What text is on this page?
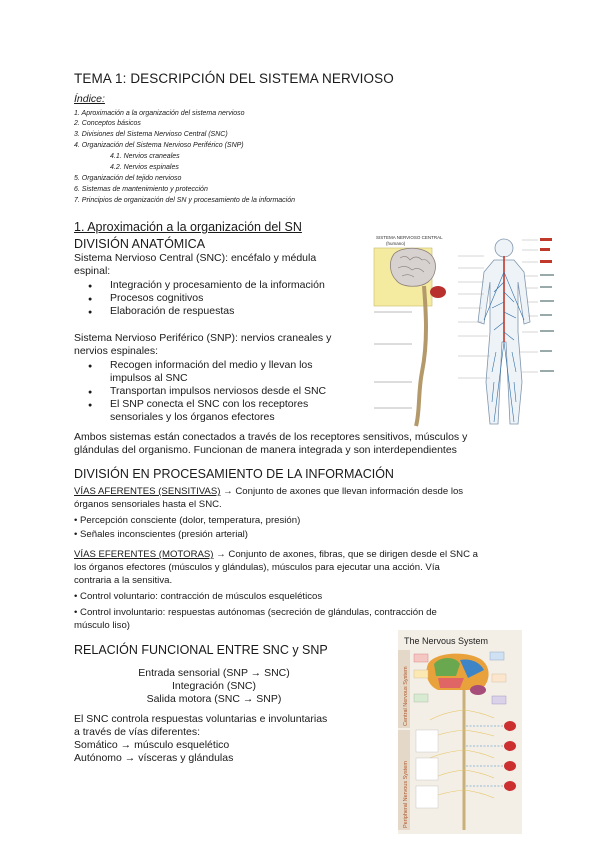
TEMA 1: DESCRIPCIÓN DEL SISTEMA NERVIOSO
Índice:
1. Aproximación a la organización del sistema nervioso
2. Conceptos básicos
3. Divisiones del Sistema Nervioso Central (SNC)
4. Organización del Sistema Nervioso Periférico (SNP)
4.1. Nervios craneales
4.2. Nervios espinales
5. Organización del tejido nervioso
6. Sistemas de mantenimiento y protección
7. Principios de organización del SN y procesamiento de la información
1. Aproximación a la organización del SN
DIVISIÓN ANATÓMICA
Sistema Nervioso Central (SNC): encéfalo y médula
espinal:
● Integración y procesamiento de la información
● Procesos cognitivos
● Elaboración de respuestas
Sistema Nervioso Periférico (SNP): nervios craneales y
nervios espinales:
● Recogen información del medio y llevan los
impulsos al SNC
● Transportan impulsos nerviosos desde el SNC
● El SNP conecta el SNC con los receptores
sensoriales y los órganos efectores
Ambos sistemas están conectados a través de los receptores sensitivos, músculos y
glándulas del organismo. Funcionan de manera integrada y son interdependientes
SISTEMA NERVIOSO CENTRAL
(humano)
DIVISIÓN EN PROCESAMIENTO DE LA INFORMACIÓN
VÍAS AFERENTES (SENSITIVAS) → Conjunto de axones que llevan información desde los
órganos sensoriales hasta el SNC.
• Percepción consciente (dolor, temperatura, presión)
• Señales inconscientes (presión arterial)
VÍAS EFERENTES (MOTORAS) → Conjunto de axones, fibras, que se dirigen desde el SNC a
los órganos efectores (músculos y glándulas), músculos para ejecutar una acción. Vía
contraria a la sensitiva.
• Control voluntario: contracción de músculos esqueléticos
• Control involuntario: respuestas autónomas (secreción de glándulas, contracción de
músculo liso)
RELACIÓN FUNCIONAL ENTRE SNC y SNP
Entrada sensorial (SNP → SNC)
Integración (SNC)
Salida motora (SNC → SNP)
El SNC controla respuestas voluntarias e involuntarias
a través de vías diferentes:
Somático → músculo esquelético
Autónomo → vísceras y glándulas
The Nervous System
Central Nervous System
Peripheral Nervous System
